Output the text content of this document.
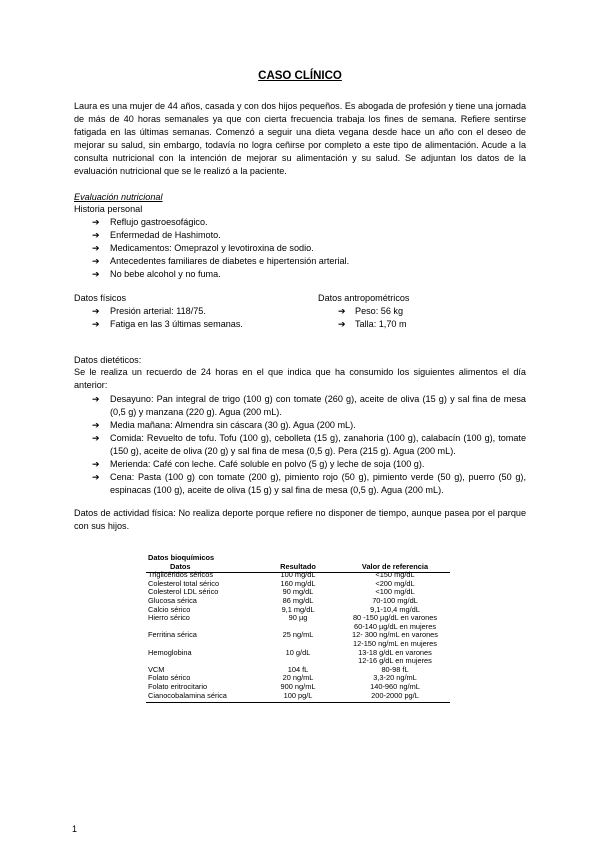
CASO CLÍNICO
Laura es una mujer de 44 años, casada y con dos hijos pequeños. Es abogada de profesión y tiene una jornada de más de 40 horas semanales ya que con cierta frecuencia trabaja los fines de semana. Refiere sentirse fatigada en las últimas semanas. Comenzó a seguir una dieta vegana desde hace un año con el deseo de mejorar su salud, sin embargo, todavía no logra ceñirse por completo a este tipo de alimentación. Acude a la consulta nutricional con la intención de mejorar su alimentación y su salud. Se adjuntan los datos de la evaluación nutricional que se le realizó a la paciente.
Evaluación nutricional
Historia personal
➔ Reflujo gastroesofágico.
➔ Enfermedad de Hashimoto.
➔ Medicamentos: Omeprazol y levotiroxina de sodio.
➔ Antecedentes familiares de diabetes e hipertensión arterial.
➔ No bebe alcohol y no fuma.
Datos físicos
➔ Presión arterial: 118/75.
➔ Fatiga en las 3 últimas semanas.
Datos antropométricos
➔ Peso: 56 kg
➔ Talla: 1,70 m
Datos dietéticos:
Se le realiza un recuerdo de 24 horas en el que indica que ha consumido los siguientes alimentos el día anterior:
➔ Desayuno: Pan integral de trigo (100 g) con tomate (260 g), aceite de oliva (15 g) y sal fina de mesa (0,5 g) y manzana (220 g). Agua (200 mL).
➔ Media mañana: Almendra sin cáscara (30 g). Agua (200 mL).
➔ Comida: Revuelto de tofu. Tofu (100 g), cebolleta (15 g), zanahoria (100 g), calabacín (100 g), tomate (150 g), aceite de oliva (20 g) y sal fina de mesa (0,5 g). Pera (215 g). Agua (200 mL).
➔ Merienda: Café con leche. Café soluble en polvo (5 g) y leche de soja (100 g).
➔ Cena: Pasta (100 g) con tomate (200 g), pimiento rojo (50 g), pimiento verde (50 g), puerro (50 g), espinacas (100 g), aceite de oliva (15 g) y sal fina de mesa (0,5 g). Agua (200 mL).
Datos de actividad física: No realiza deporte porque refiere no disponer de tiempo, aunque pasea por el parque con sus hijos.
Datos bioquímicos
Datos	Resultado	Valor de referencia
Triglicéridos séricos	100 mg/dL	<150 mg/dL
Colesterol total sérico	160 mg/dL	<200 mg/dL
Colesterol LDL sérico	90 mg/dL	<100 mg/dL
Glucosa sérica	86 mg/dL	70-100 mg/dL
Calcio sérico	9,1 mg/dL	9,1-10,4 mg/dL
Hierro sérico	90 µg	80 -150 µg/dL en varones
60-140 µg/dL en mujeres
Ferritina sérica	25 ng/mL	12- 300 ng/mL en varones
12-150 ng/mL en mujeres
Hemoglobina	10 g/dL	13-18 g/dL en varones
12-16 g/dL en mujeres
VCM	104 fL	80-98 fL
Folato sérico	20 ng/mL	3,3-20 ng/mL
Folato eritrocitario	900 ng/mL	140-960 ng/mL
Cianocobalamina sérica	100 pg/L	200-2000 pg/L
1
